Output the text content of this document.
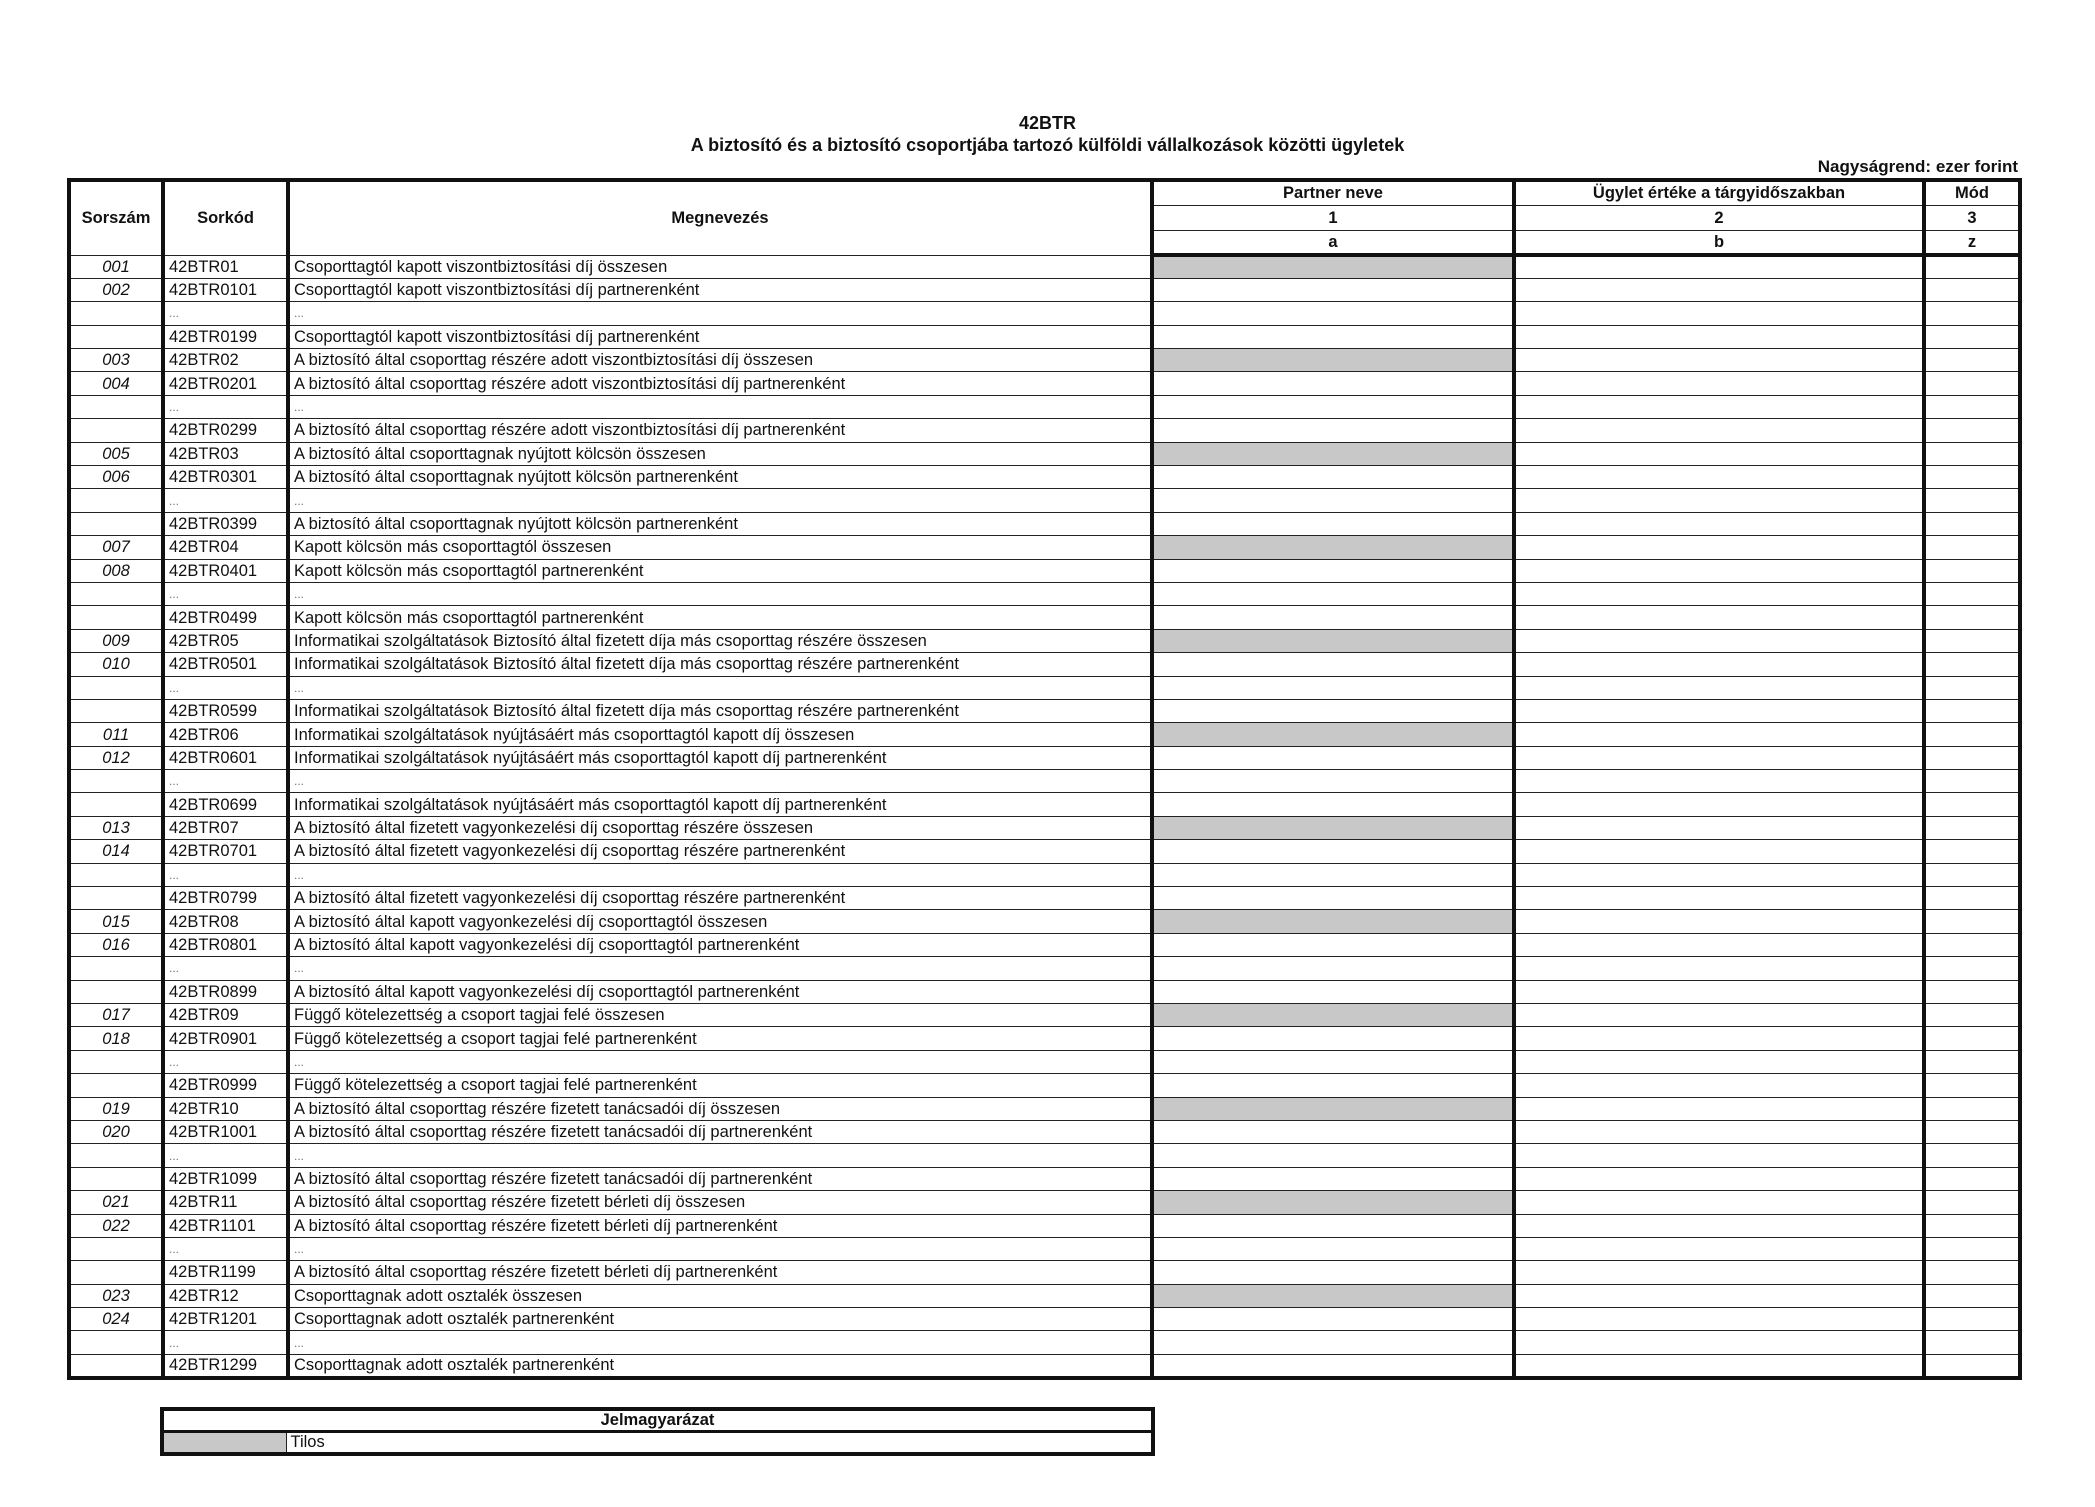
42BTR
A biztosító és a biztosító csoportjába tartozó külföldi vállalkozások közötti ügyletek
Nagyságrend: ezer forint
Sorszám	Sorkód	Megnevezés	Partner neve	Ügylet értéke a tárgyidőszakban	Mód
			1	2	3
			a	b	z
001	42BTR01	Csoporttagtól kapott viszontbiztosítási díj összesen			
002	42BTR0101	Csoporttagtól kapott viszontbiztosítási díj partnerenként			
	...	...			
	42BTR0199	Csoporttagtól kapott viszontbiztosítási díj partnerenként			
003	42BTR02	A biztosító által csoporttag részére adott viszontbiztosítási díj összesen			
004	42BTR0201	A biztosító által csoporttag részére adott viszontbiztosítási díj partnerenként			
	...	...			
	42BTR0299	A biztosító által csoporttag részére adott viszontbiztosítási díj partnerenként			
005	42BTR03	A biztosító által csoporttagnak nyújtott kölcsön összesen			
006	42BTR0301	A biztosító által csoporttagnak nyújtott kölcsön partnerenként			
	...	...			
	42BTR0399	A biztosító által csoporttagnak nyújtott kölcsön partnerenként			
007	42BTR04	Kapott kölcsön más csoporttagtól összesen			
008	42BTR0401	Kapott kölcsön más csoporttagtól partnerenként			
	...	...			
	42BTR0499	Kapott kölcsön más csoporttagtól partnerenként			
009	42BTR05	Informatikai szolgáltatások Biztosító által fizetett díja más csoporttag részére összesen			
010	42BTR0501	Informatikai szolgáltatások Biztosító által fizetett díja más csoporttag részére partnerenként			
	...	...			
	42BTR0599	Informatikai szolgáltatások Biztosító által fizetett díja más csoporttag részére partnerenként			
011	42BTR06	Informatikai szolgáltatások nyújtásáért más csoporttagtól kapott díj összesen			
012	42BTR0601	Informatikai szolgáltatások nyújtásáért más csoporttagtól kapott díj partnerenként			
	...	...			
	42BTR0699	Informatikai szolgáltatások nyújtásáért más csoporttagtól kapott díj partnerenként			
013	42BTR07	A biztosító által fizetett vagyonkezelési díj csoporttag részére összesen			
014	42BTR0701	A biztosító által fizetett vagyonkezelési díj csoporttag részére partnerenként			
	...	...			
	42BTR0799	A biztosító által fizetett vagyonkezelési díj csoporttag részére partnerenként			
015	42BTR08	A biztosító által kapott vagyonkezelési díj csoporttagtól összesen			
016	42BTR0801	A biztosító által kapott vagyonkezelési díj csoporttagtól partnerenként			
	...	...			
	42BTR0899	A biztosító által kapott vagyonkezelési díj csoporttagtól partnerenként			
017	42BTR09	Függő kötelezettség a csoport tagjai felé összesen			
018	42BTR0901	Függő kötelezettség a csoport tagjai felé partnerenként			
	...	...			
	42BTR0999	Függő kötelezettség a csoport tagjai felé partnerenként			
019	42BTR10	A biztosító által csoporttag részére fizetett tanácsadói díj összesen			
020	42BTR1001	A biztosító által csoporttag részére fizetett tanácsadói díj partnerenként			
	...	...			
	42BTR1099	A biztosító által csoporttag részére fizetett tanácsadói díj partnerenként			
021	42BTR11	A biztosító által csoporttag részére fizetett bérleti díj összesen			
022	42BTR1101	A biztosító által csoporttag részére fizetett bérleti díj partnerenként			
	...	...			
	42BTR1199	A biztosító által csoporttag részére fizetett bérleti díj partnerenként			
023	42BTR12	Csoporttagnak adott osztalék összesen			
024	42BTR1201	Csoporttagnak adott osztalék partnerenként			
	...	...			
	42BTR1299	Csoporttagnak adott osztalék partnerenként			
Jelmagyarázat
	Tilos
